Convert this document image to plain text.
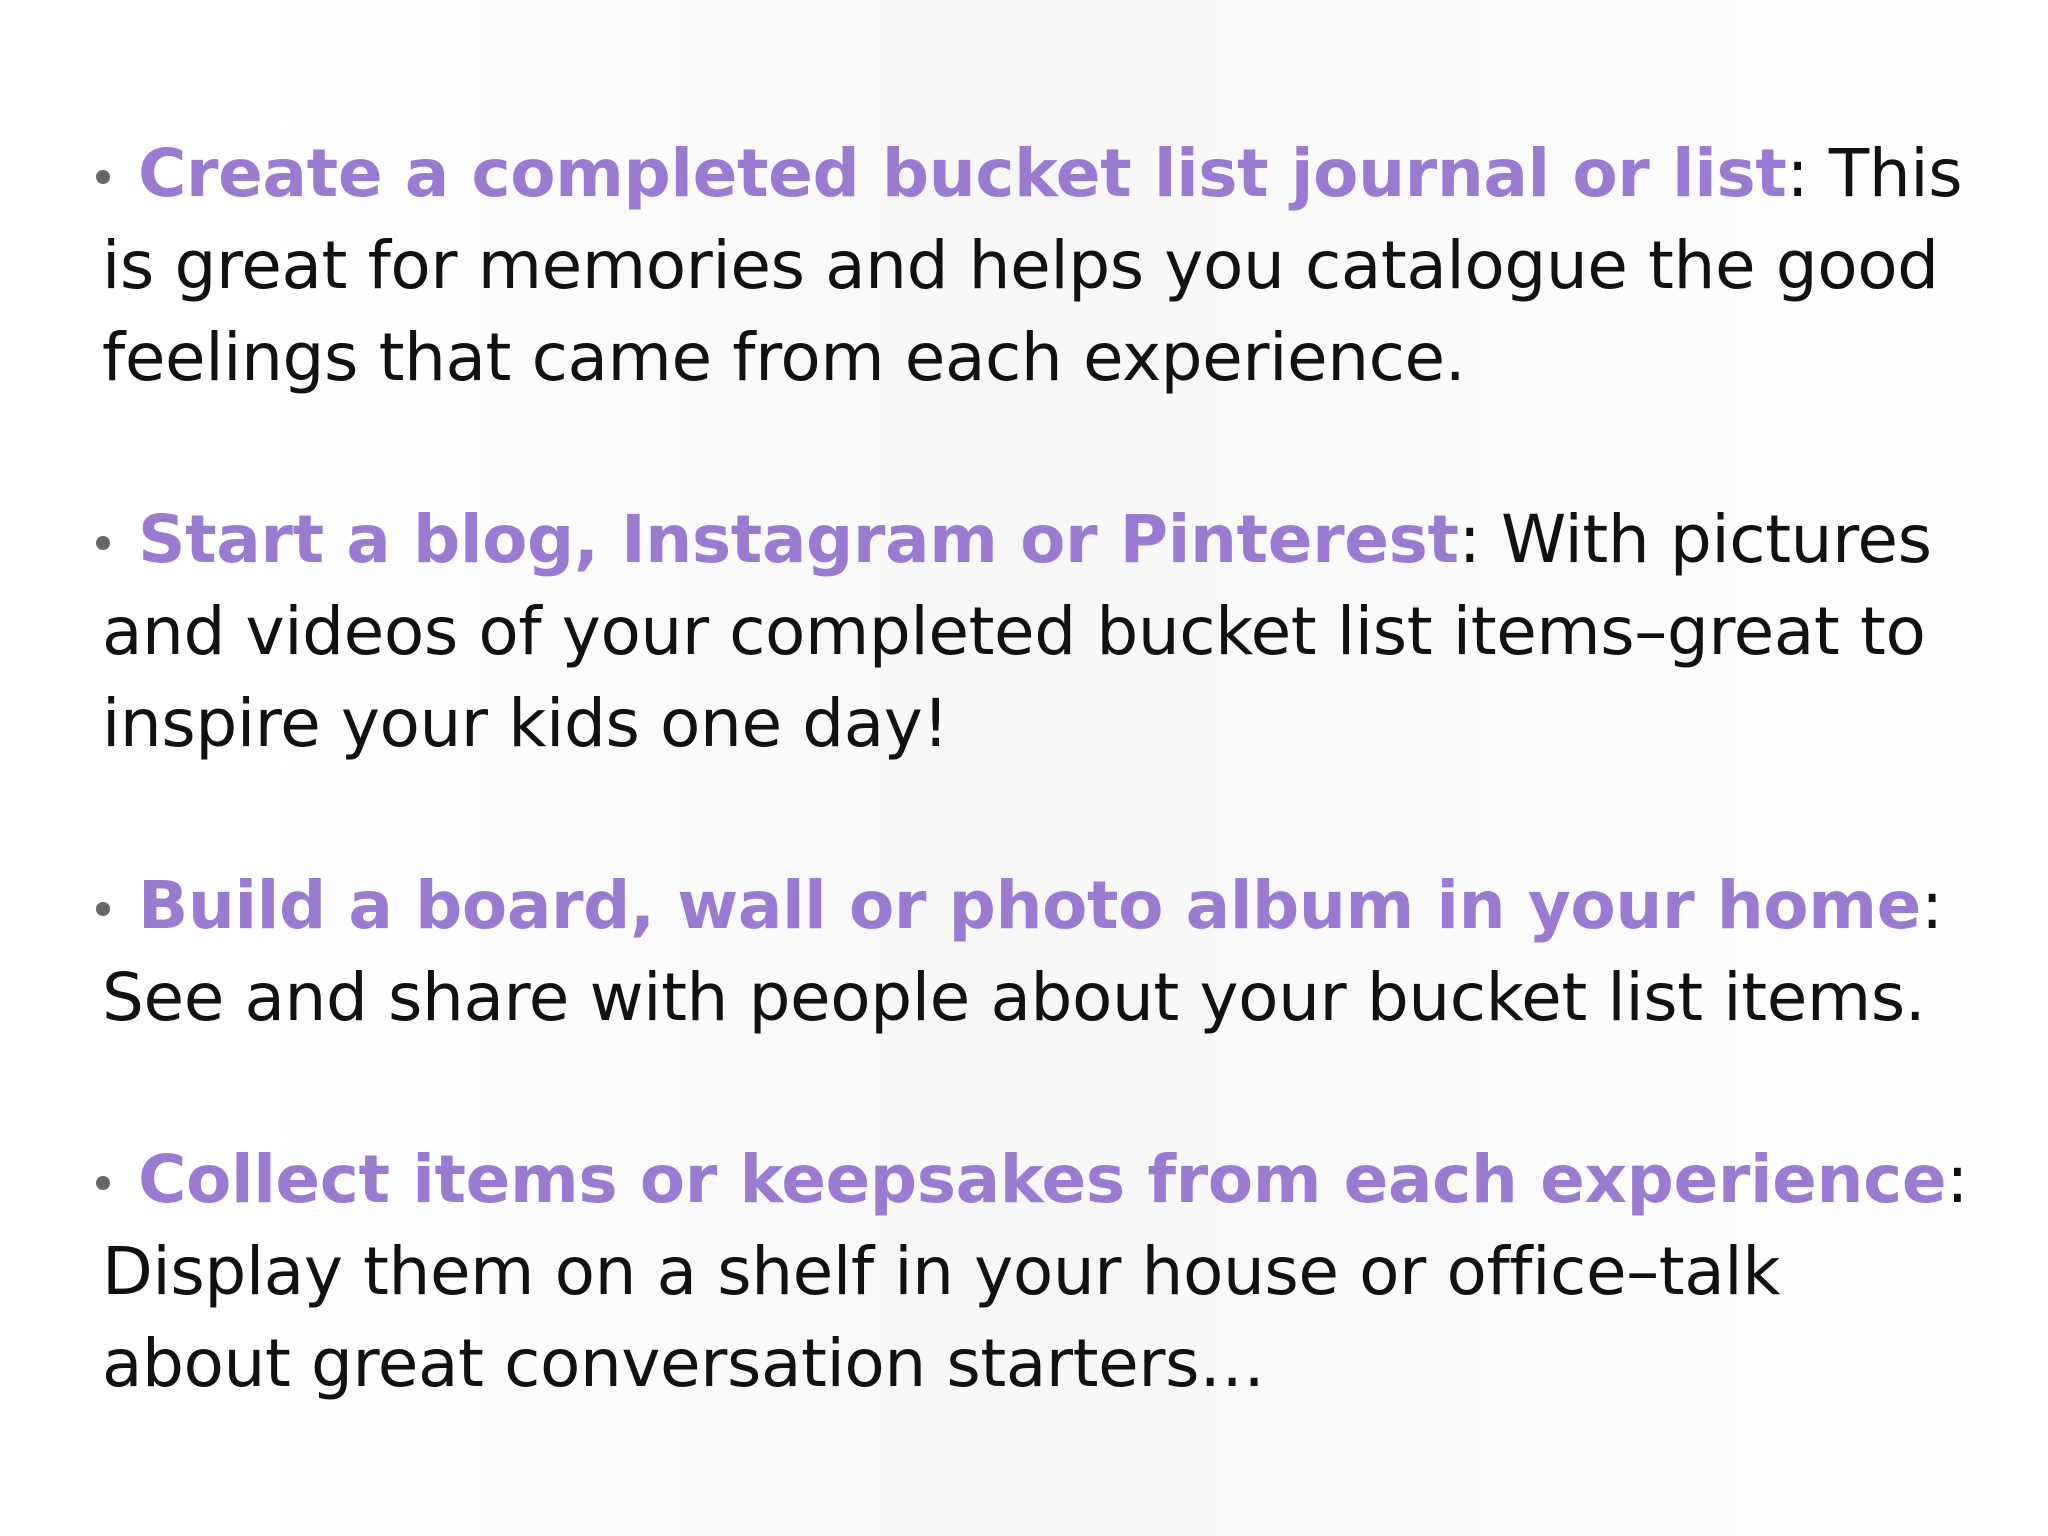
Create a completed bucket list journal or list: This is great for memories and helps you catalogue the good feelings that came from each experience.
Start a blog, Instagram or Pinterest: With pictures and videos of your completed bucket list items–great to inspire your kids one day!
Build a board, wall or photo album in your home: See and share with people about your bucket list items.
Collect items or keepsakes from each experience: Display them on a shelf in your house or office–talk about great conversation starters…
